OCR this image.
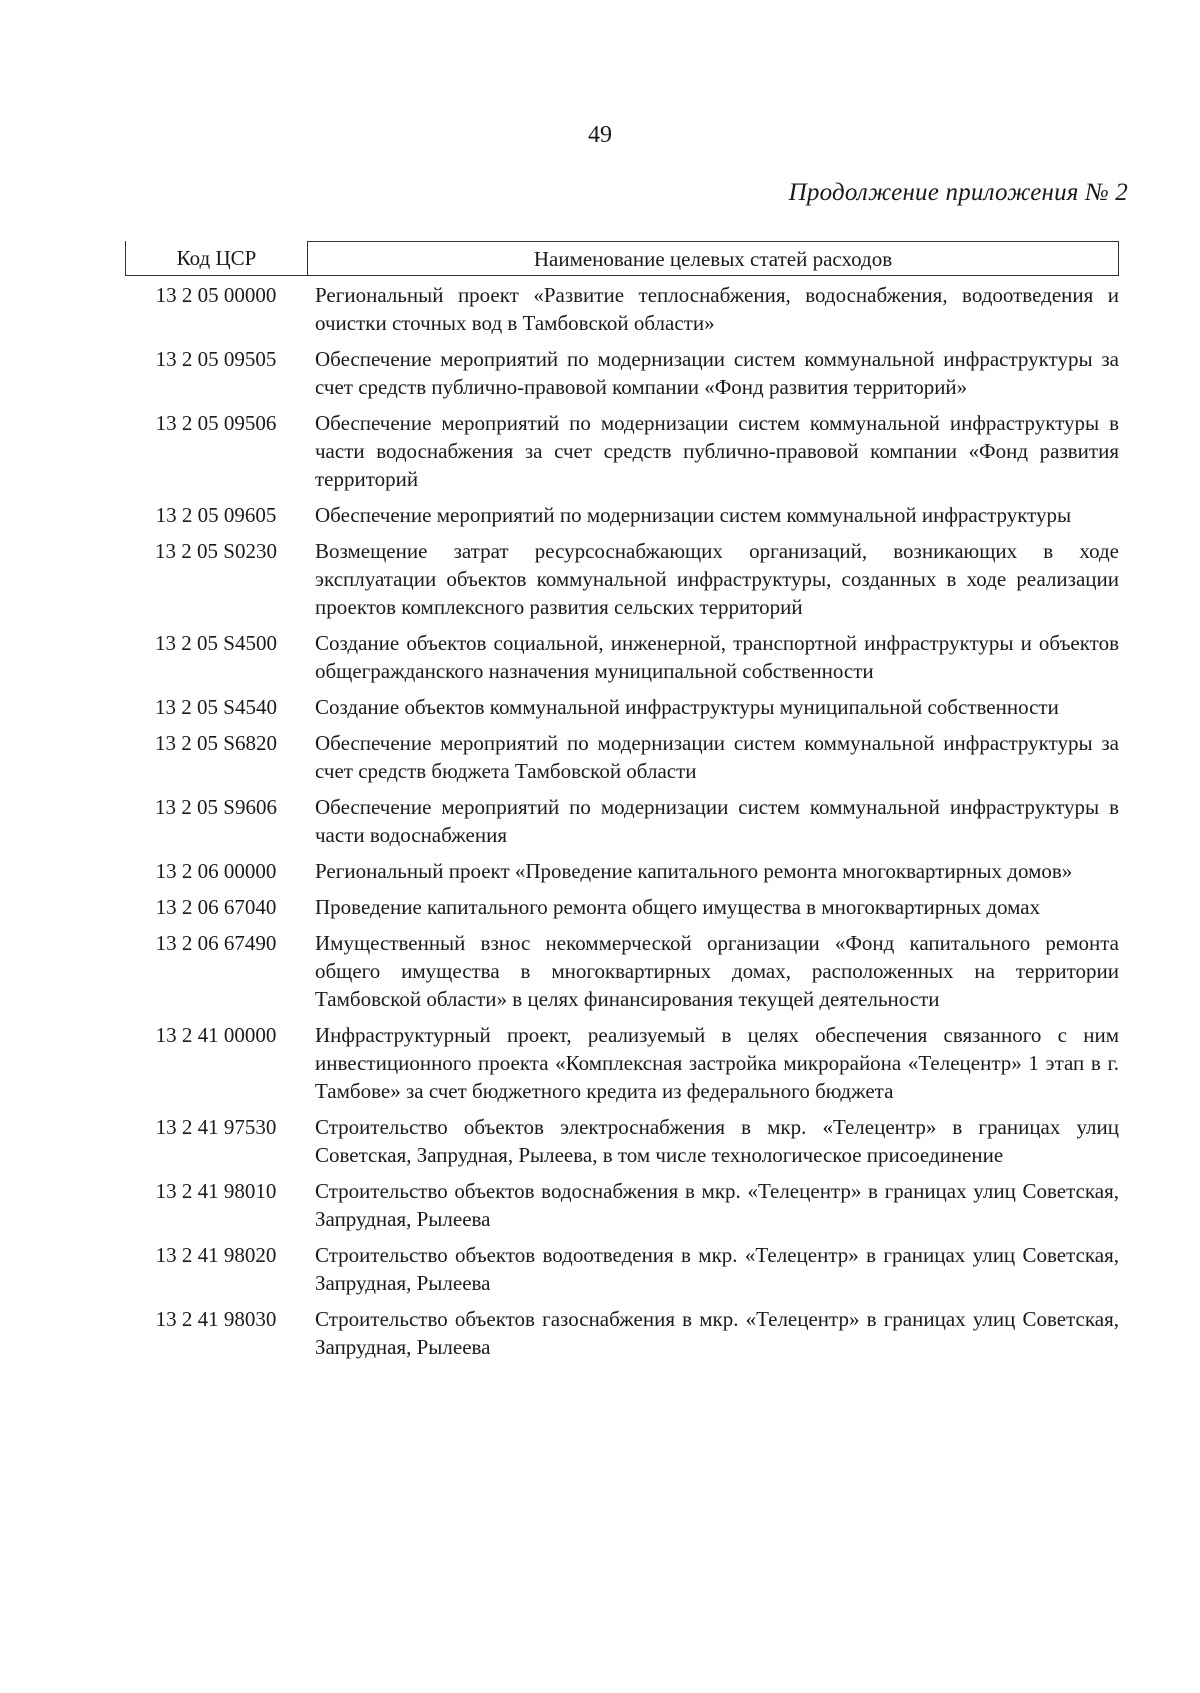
49
Продолжение приложения № 2
Код ЦСР	Наименование целевых статей расходов
13 2 05 00000	Региональный проект «Развитие теплоснабжения, водоснабжения, водоотведения и очистки сточных вод в Тамбовской области»
13 2 05 09505	Обеспечение мероприятий по модернизации систем коммунальной инфраструктуры за счет средств публично-правовой компании «Фонд развития территорий»
13 2 05 09506	Обеспечение мероприятий по модернизации систем коммунальной инфраструктуры в части водоснабжения за счет средств публично-правовой компании «Фонд развития территорий
13 2 05 09605	Обеспечение мероприятий по модернизации систем коммунальной инфраструктуры
13 2 05 S0230	Возмещение затрат ресурсоснабжающих организаций, возникающих в ходе эксплуатации объектов коммунальной инфраструктуры, созданных в ходе реализации проектов комплексного развития сельских территорий
13 2 05 S4500	Создание объектов социальной, инженерной, транспортной инфраструктуры и объектов общегражданского назначения муниципальной собственности
13 2 05 S4540	Создание объектов коммунальной инфраструктуры муниципальной собственности
13 2 05 S6820	Обеспечение мероприятий по модернизации систем коммунальной инфраструктуры за счет средств бюджета Тамбовской области
13 2 05 S9606	Обеспечение мероприятий по модернизации систем коммунальной инфраструктуры в части водоснабжения
13 2 06 00000	Региональный проект «Проведение капитального ремонта многоквартирных домов»
13 2 06 67040	Проведение капитального ремонта общего имущества в многоквартирных домах
13 2 06 67490	Имущественный взнос некоммерческой организации «Фонд капитального ремонта общего имущества в многоквартирных домах, расположенных на территории Тамбовской области» в целях финансирования текущей деятельности
13 2 41 00000	Инфраструктурный проект, реализуемый в целях обеспечения связанного с ним инвестиционного проекта «Комплексная застройка микрорайона «Телецентр» 1 этап в г. Тамбове» за счет бюджетного кредита из федерального бюджета
13 2 41 97530	Строительство объектов электроснабжения в мкр. «Телецентр» в границах улиц Советская, Запрудная, Рылеева, в том числе технологическое присоединение
13 2 41 98010	Строительство объектов водоснабжения в мкр. «Телецентр» в границах улиц Советская, Запрудная, Рылеева
13 2 41 98020	Строительство объектов водоотведения в мкр. «Телецентр» в границах улиц Советская, Запрудная, Рылеева
13 2 41 98030	Строительство объектов газоснабжения в мкр. «Телецентр» в границах улиц Советская, Запрудная, Рылеева
